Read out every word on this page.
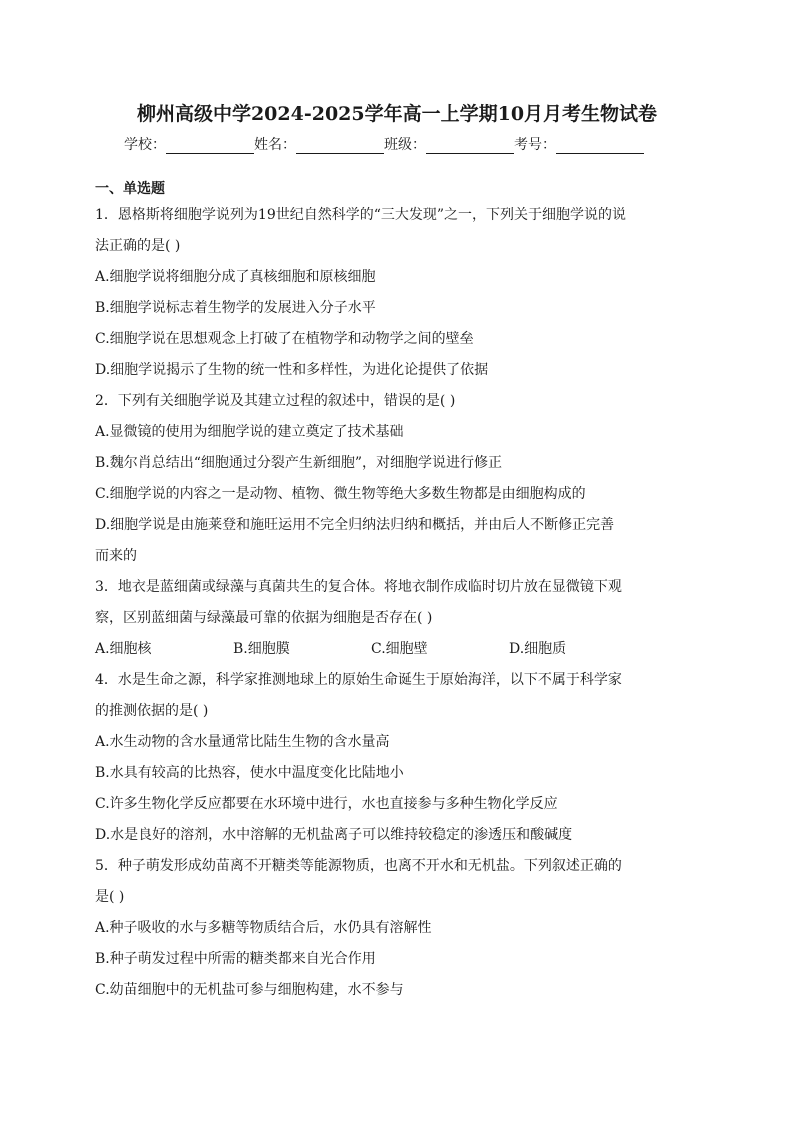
柳州高级中学2024-2025学年高一上学期10月月考生物试卷
学校：	姓名：	班级：	考号：
一、单选题
1．恩格斯将细胞学说列为19世纪自然科学的“三大发现”之一，下列关于细胞学说的说
法正确的是( )
A.细胞学说将细胞分成了真核细胞和原核细胞
B.细胞学说标志着生物学的发展进入分子水平
C.细胞学说在思想观念上打破了在植物学和动物学之间的壁垒
D.细胞学说揭示了生物的统一性和多样性，为进化论提供了依据
2．下列有关细胞学说及其建立过程的叙述中，错误的是( )
A.显微镜的使用为细胞学说的建立奠定了技术基础
B.魏尔肖总结出“细胞通过分裂产生新细胞”，对细胞学说进行修正
C.细胞学说的内容之一是动物、植物、微生物等绝大多数生物都是由细胞构成的
D.细胞学说是由施莱登和施旺运用不完全归纳法归纳和概括，并由后人不断修正完善
而来的
3．地衣是蓝细菌或绿藻与真菌共生的复合体。将地衣制作成临时切片放在显微镜下观
察，区别蓝细菌与绿藻最可靠的依据为细胞是否存在( )
A.细胞核	B.细胞膜	C.细胞壁	D.细胞质
4．水是生命之源，科学家推测地球上的原始生命诞生于原始海洋，以下不属于科学家
的推测依据的是( )
A.水生动物的含水量通常比陆生生物的含水量高
B.水具有较高的比热容，使水中温度变化比陆地小
C.许多生物化学反应都要在水环境中进行，水也直接参与多种生物化学反应
D.水是良好的溶剂，水中溶解的无机盐离子可以维持较稳定的渗透压和酸碱度
5．种子萌发形成幼苗离不开糖类等能源物质，也离不开水和无机盐。下列叙述正确的
是( )
A.种子吸收的水与多糖等物质结合后，水仍具有溶解性
B.种子萌发过程中所需的糖类都来自光合作用
C.幼苗细胞中的无机盐可参与细胞构建，水不参与
